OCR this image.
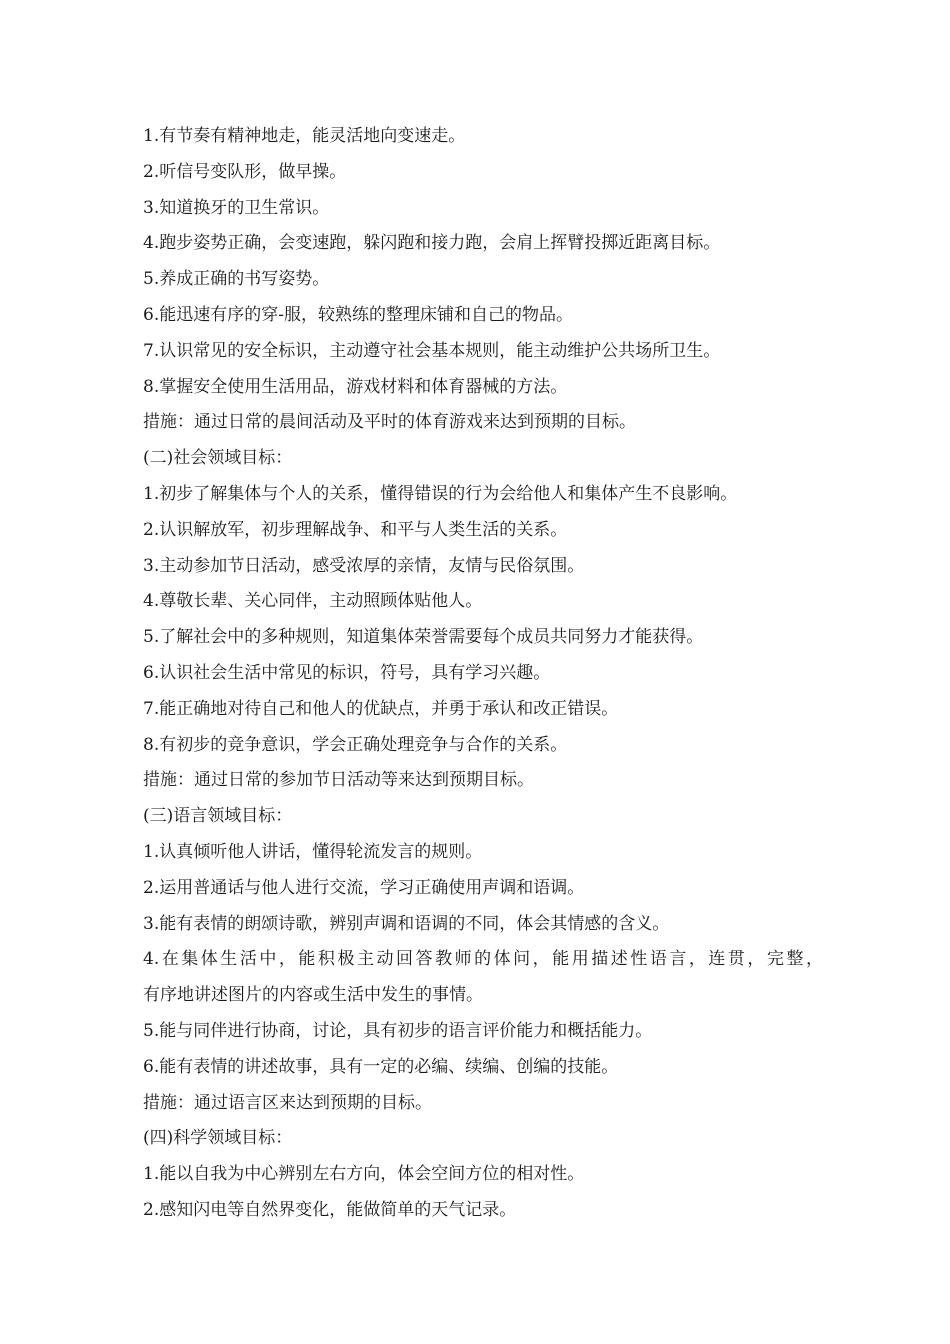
1.有节奏有精神地走，能灵活地向变速走。
2.听信号变队形，做早操。
3.知道换牙的卫生常识。
4.跑步姿势正确，会变速跑，躲闪跑和接力跑，会肩上挥臂投掷近距离目标。
5.养成正确的书写姿势。
6.能迅速有序的穿-服，较熟练的整理床铺和自己的物品。
7.认识常见的安全标识，主动遵守社会基本规则，能主动维护公共场所卫生。
8.掌握安全使用生活用品，游戏材料和体育器械的方法。
措施：通过日常的晨间活动及平时的体育游戏来达到预期的目标。
(二)社会领域目标：
1.初步了解集体与个人的关系，懂得错误的行为会给他人和集体产生不良影响。
2.认识解放军，初步理解战争、和平与人类生活的关系。
3.主动参加节日活动，感受浓厚的亲情，友情与民俗氛围。
4.尊敬长辈、关心同伴，主动照顾体贴他人。
5.了解社会中的多种规则，知道集体荣誉需要每个成员共同努力才能获得。
6.认识社会生活中常见的标识，符号，具有学习兴趣。
7.能正确地对待自己和他人的优缺点，并勇于承认和改正错误。
8.有初步的竞争意识，学会正确处理竞争与合作的关系。
措施：通过日常的参加节日活动等来达到预期目标。
(三)语言领域目标：
1.认真倾听他人讲话，懂得轮流发言的规则。
2.运用普通话与他人进行交流，学习正确使用声调和语调。
3.能有表情的朗颂诗歌，辨别声调和语调的不同，体会其情感的含义。
4.在集体生活中，能积极主动回答教师的体问，能用描述性语言，连贯，完整，
有序地讲述图片的内容或生活中发生的事情。
5.能与同伴进行协商，讨论，具有初步的语言评价能力和概括能力。
6.能有表情的讲述故事，具有一定的必编、续编、创编的技能。
措施：通过语言区来达到预期的目标。
(四)科学领域目标：
1.能以自我为中心辨别左右方向，体会空间方位的相对性。
2.感知闪电等自然界变化，能做简单的天气记录。
